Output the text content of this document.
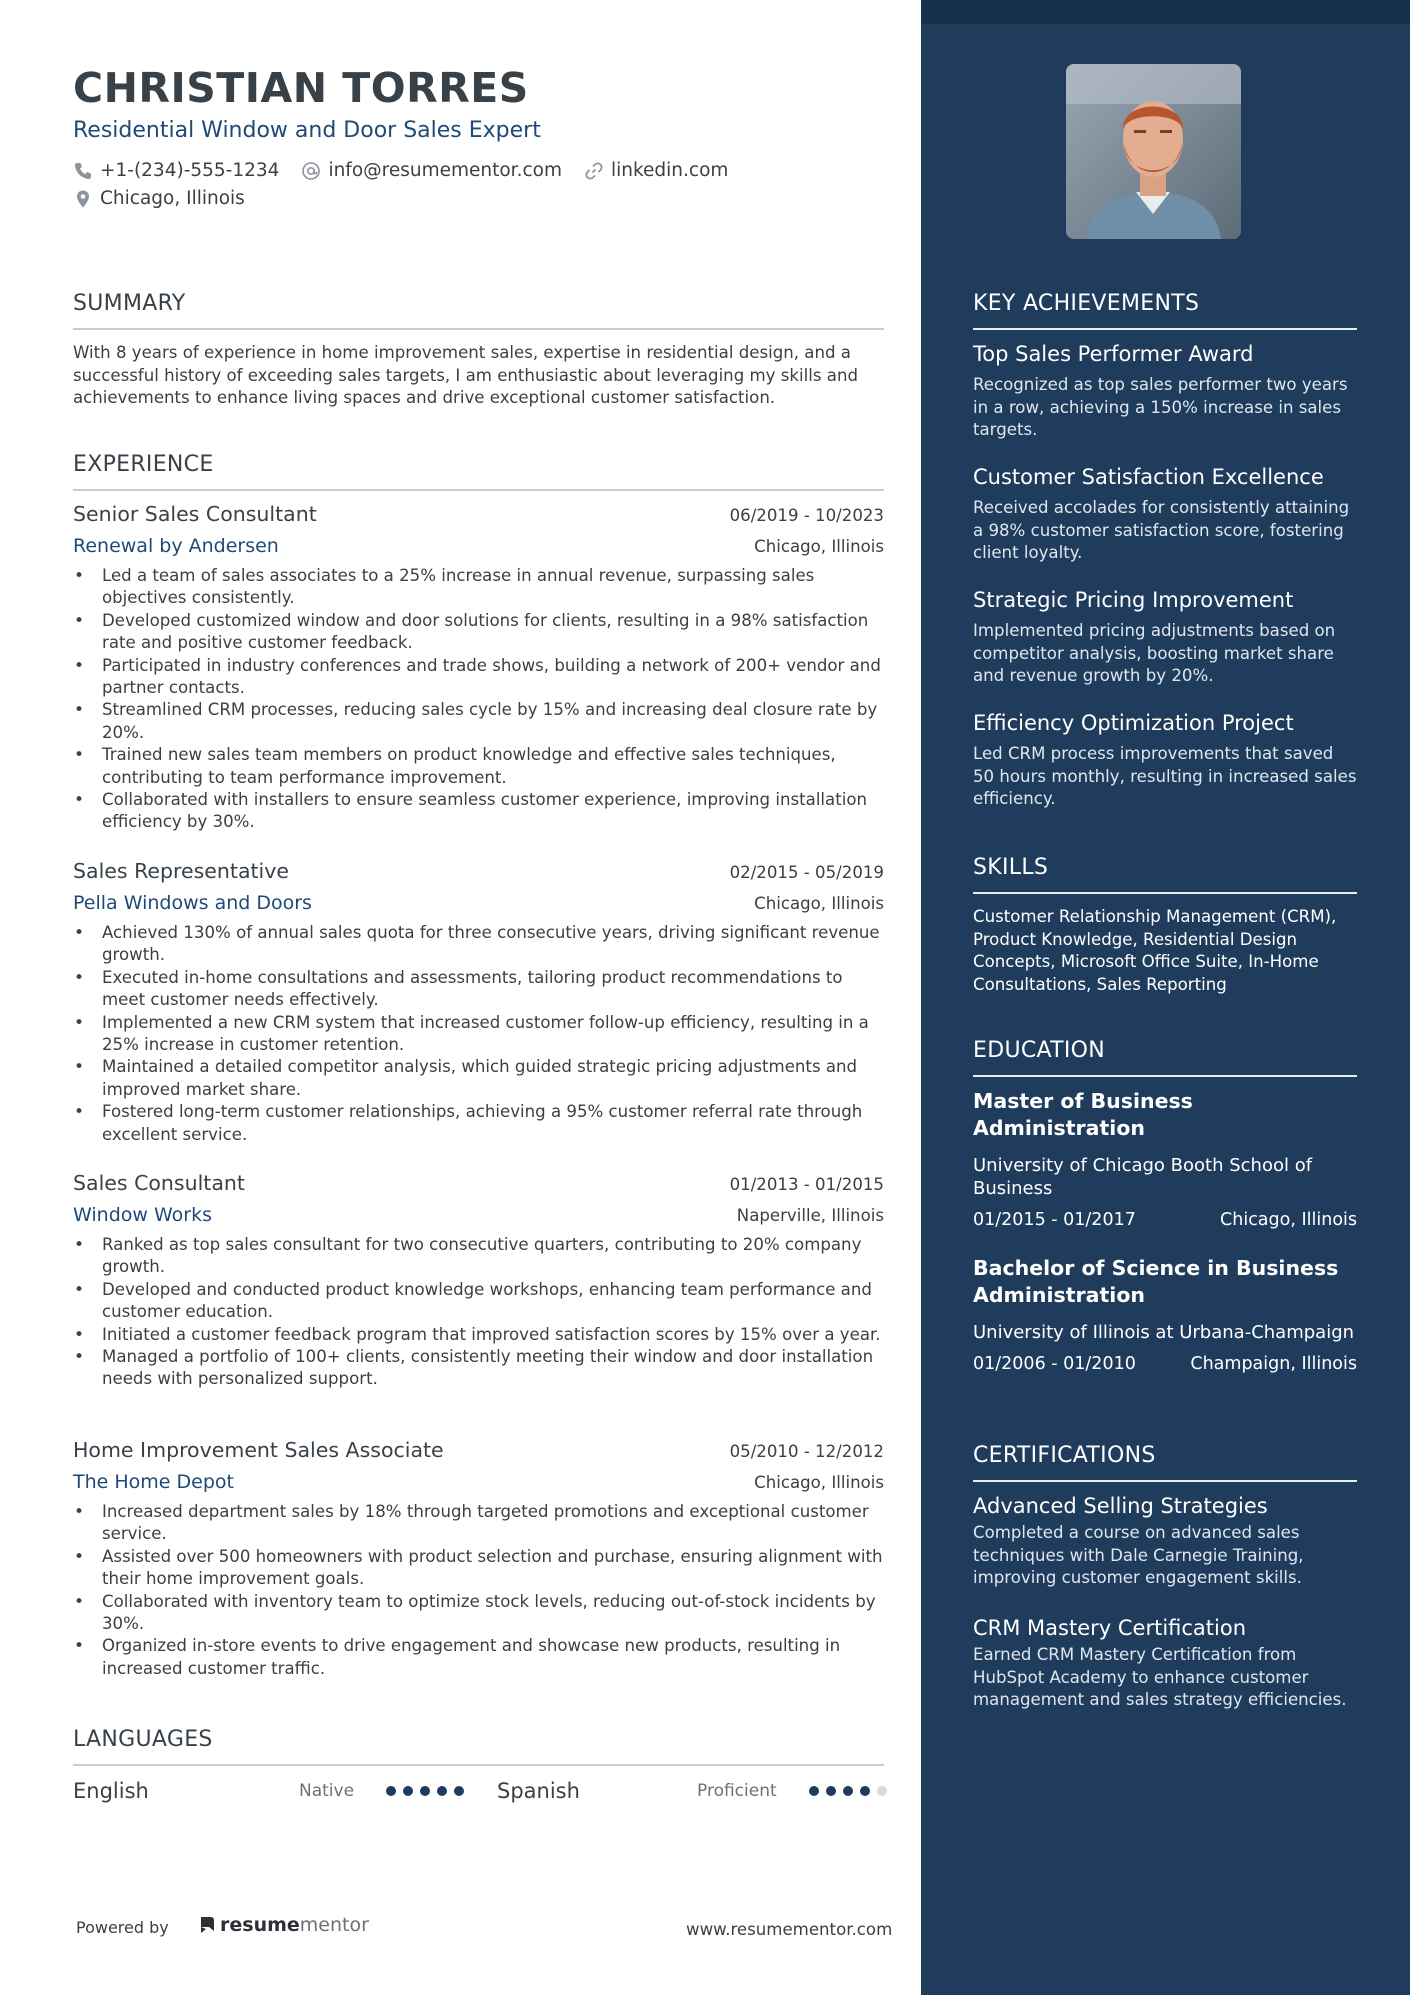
CHRISTIAN TORRES
Residential Window and Door Sales Expert
+1-(234)-555-1234	info@resumementor.com	linkedin.com
Chicago, Illinois
SUMMARY
With 8 years of experience in home improvement sales, expertise in residential design, and a successful history of exceeding sales targets, I am enthusiastic about leveraging my skills and achievements to enhance living spaces and drive exceptional customer satisfaction.
EXPERIENCE
Senior Sales Consultant	06/2019 - 10/2023
Renewal by Andersen	Chicago, Illinois
• Led a team of sales associates to a 25% increase in annual revenue, surpassing sales objectives consistently.
• Developed customized window and door solutions for clients, resulting in a 98% satisfaction rate and positive customer feedback.
• Participated in industry conferences and trade shows, building a network of 200+ vendor and partner contacts.
• Streamlined CRM processes, reducing sales cycle by 15% and increasing deal closure rate by 20%.
• Trained new sales team members on product knowledge and effective sales techniques, contributing to team performance improvement.
• Collaborated with installers to ensure seamless customer experience, improving installation efficiency by 30%.
Sales Representative	02/2015 - 05/2019
Pella Windows and Doors	Chicago, Illinois
• Achieved 130% of annual sales quota for three consecutive years, driving significant revenue growth.
• Executed in-home consultations and assessments, tailoring product recommendations to meet customer needs effectively.
• Implemented a new CRM system that increased customer follow-up efficiency, resulting in a 25% increase in customer retention.
• Maintained a detailed competitor analysis, which guided strategic pricing adjustments and improved market share.
• Fostered long-term customer relationships, achieving a 95% customer referral rate through excellent service.
Sales Consultant	01/2013 - 01/2015
Window Works	Naperville, Illinois
• Ranked as top sales consultant for two consecutive quarters, contributing to 20% company growth.
• Developed and conducted product knowledge workshops, enhancing team performance and customer education.
• Initiated a customer feedback program that improved satisfaction scores by 15% over a year.
• Managed a portfolio of 100+ clients, consistently meeting their window and door installation needs with personalized support.
Home Improvement Sales Associate	05/2010 - 12/2012
The Home Depot	Chicago, Illinois
• Increased department sales by 18% through targeted promotions and exceptional customer service.
• Assisted over 500 homeowners with product selection and purchase, ensuring alignment with their home improvement goals.
• Collaborated with inventory team to optimize stock levels, reducing out-of-stock incidents by 30%.
• Organized in-store events to drive engagement and showcase new products, resulting in increased customer traffic.
LANGUAGES
English	Native	Spanish	Proficient
Powered by	resume mentor	www.resumementor.com
KEY ACHIEVEMENTS
Top Sales Performer Award
Recognized as top sales performer two years in a row, achieving a 150% increase in sales targets.
Customer Satisfaction Excellence
Received accolades for consistently attaining a 98% customer satisfaction score, fostering client loyalty.
Strategic Pricing Improvement
Implemented pricing adjustments based on competitor analysis, boosting market share and revenue growth by 20%.
Efficiency Optimization Project
Led CRM process improvements that saved 50 hours monthly, resulting in increased sales efficiency.
SKILLS
Customer Relationship Management (CRM), Product Knowledge, Residential Design Concepts, Microsoft Office Suite, In-Home Consultations, Sales Reporting
EDUCATION
Master of Business Administration
University of Chicago Booth School of Business
01/2015 - 01/2017	Chicago, Illinois
Bachelor of Science in Business Administration
University of Illinois at Urbana-Champaign
01/2006 - 01/2010	Champaign, Illinois
CERTIFICATIONS
Advanced Selling Strategies
Completed a course on advanced sales techniques with Dale Carnegie Training, improving customer engagement skills.
CRM Mastery Certification
Earned CRM Mastery Certification from HubSpot Academy to enhance customer management and sales strategy efficiencies.
